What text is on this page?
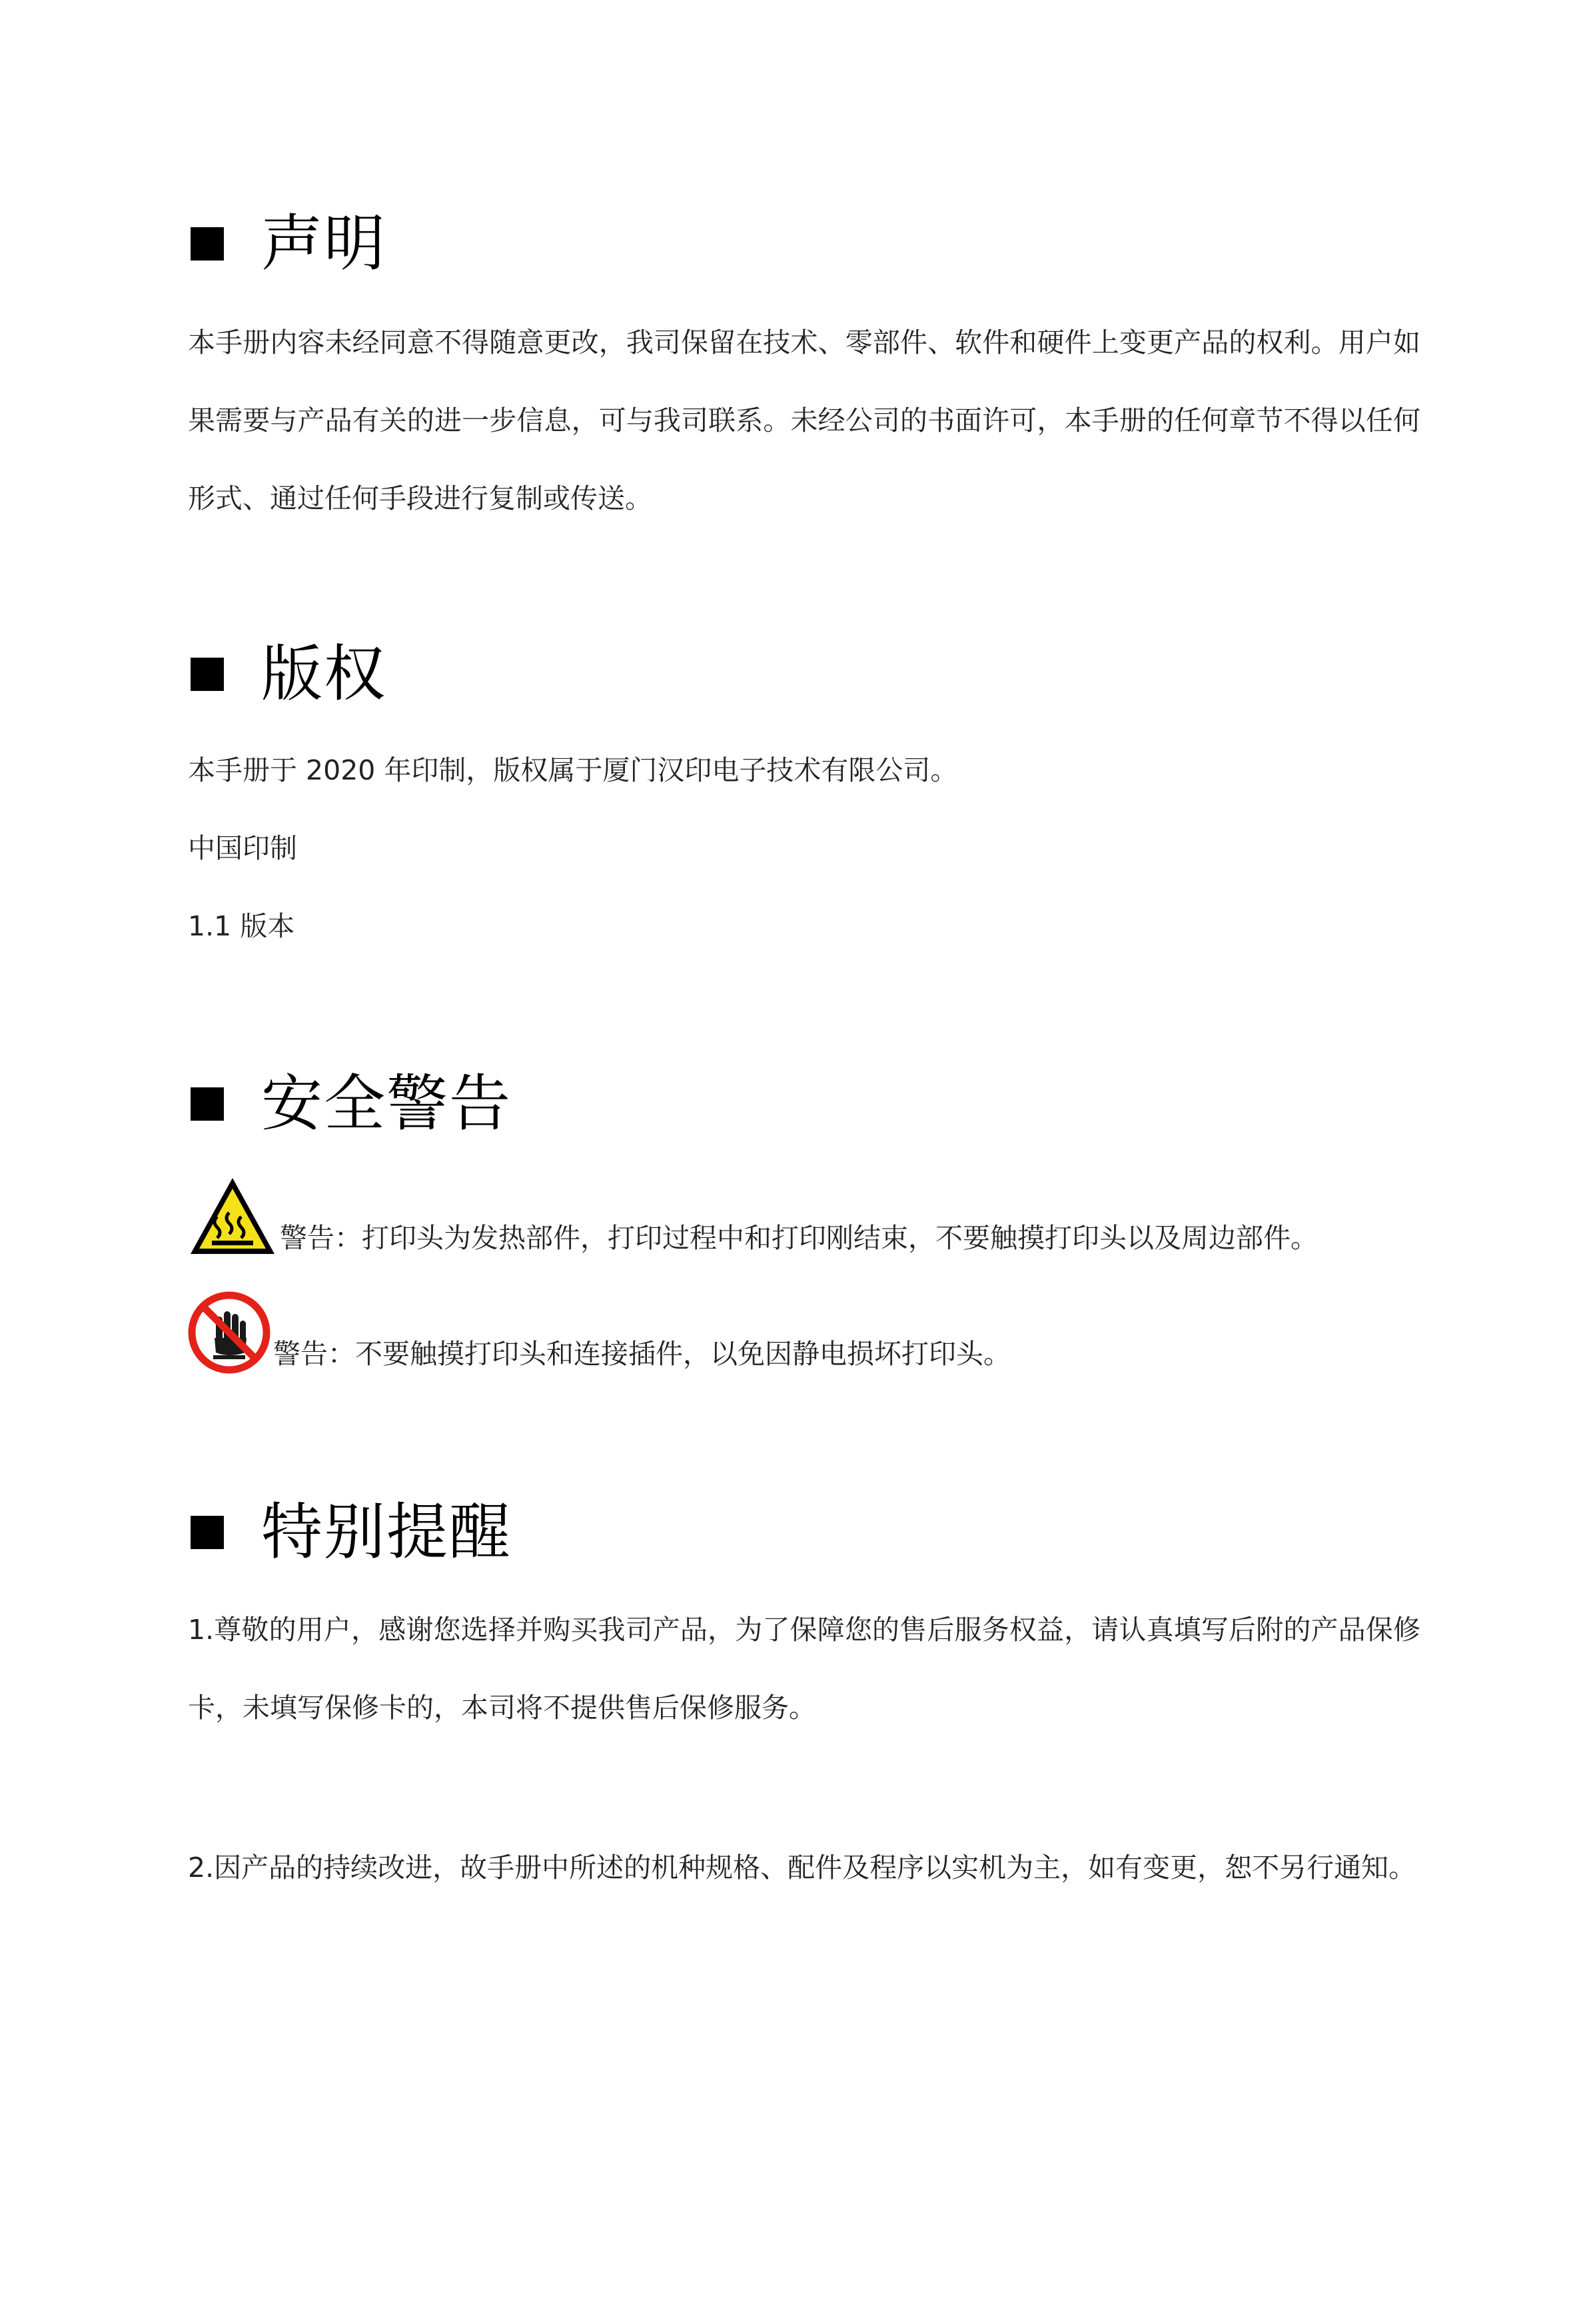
声明

本手册内容未经同意不得随意更改，我司保留在技术、零部件、软件和硬件上变更产品的权利。用户如果需要与产品有关的进一步信息，可与我司联系。未经公司的书面许可，本手册的任何章节不得以任何形式、通过任何手段进行复制或传送。

版权

本手册于 2020 年印制，版权属于厦门汉印电子技术有限公司。

中国印制

1.1 版本

安全警告
警告：打印头为发热部件，打印过程中和打印刚结束，不要触摸打印头以及周边部件。
警告：不要触摸打印头和连接插件，以免因静电损坏打印头。
特别提醒

1.尊敬的用户，感谢您选择并购买我司产品，为了保障您的售后服务权益，请认真填写后附的产品保修卡，未填写保修卡的，本司将不提供售后保修服务。

2.因产品的持续改进，故手册中所述的机种规格、配件及程序以实机为主，如有变更，恕不另行通知。
